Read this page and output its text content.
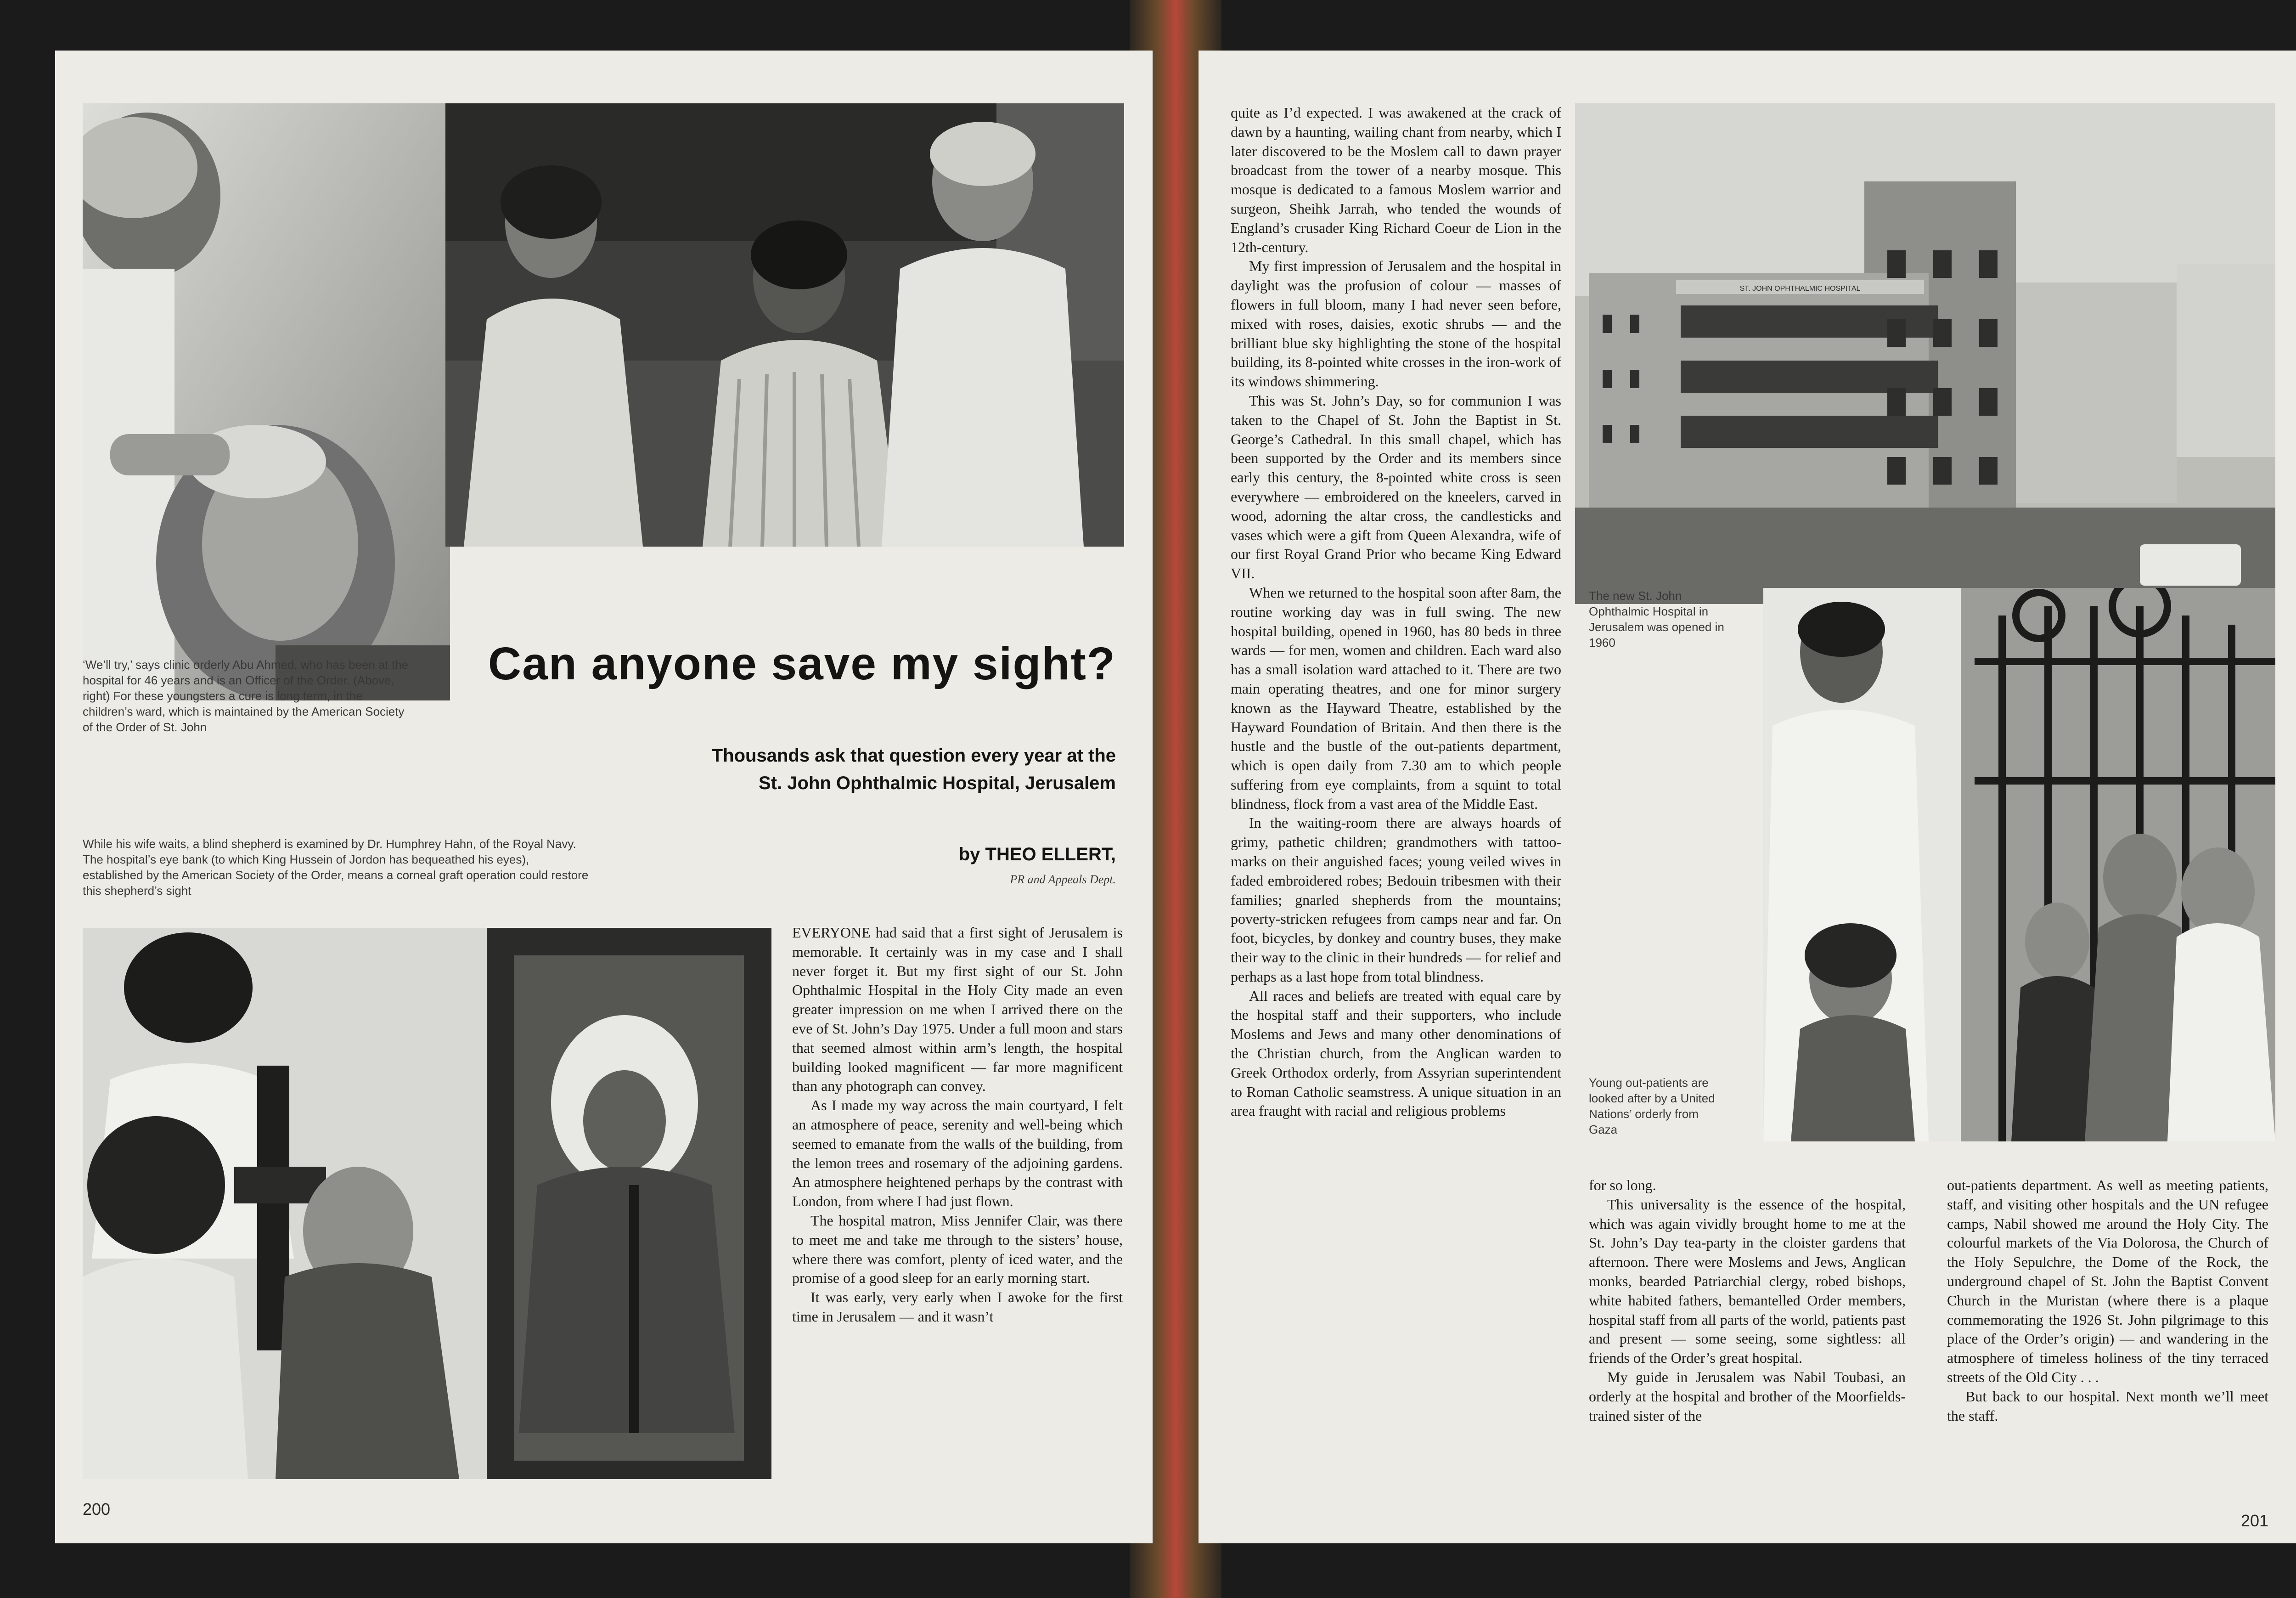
‘We’ll try,’ says clinic orderly Abu Ahmed, who has been at the hospital for 46 years and is an Officer of the Order. (Above, right) For these youngsters a cure is long term, in the children’s ward, which is maintained by the American Society of the Order of St. John

Can anyone save my sight?
Thousands ask that question every year at the
St. John Ophthalmic Hospital, Jerusalem

While his wife waits, a blind shepherd is examined by Dr. Humphrey Hahn, of the Royal Navy. The hospital’s eye bank (to which King Hussein of Jordon has bequeathed his eyes), established by the American Society of the Order, means a corneal graft operation could restore this shepherd’s sight

by THEO ELLERT,
PR and Appeals Dept.

EVERYONE had said that a first sight of Jerusalem is memorable. It certainly was in my case and I shall never forget it. But my first sight of our St. John Ophthalmic Hospital in the Holy City made an even greater impression on me when I arrived there on the eve of St. John’s Day 1975. Under a full moon and stars that seemed almost within arm’s length, the hospital building looked magnificent — far more magnificent than any photograph can convey.

As I made my way across the main courtyard, I felt an atmosphere of peace, serenity and well-being which seemed to emanate from the walls of the building, from the lemon trees and rosemary of the adjoining gardens. An atmosphere heightened perhaps by the contrast with London, from where I had just flown.

The hospital matron, Miss Jennifer Clair, was there to meet me and take me through to the sisters’ house, where there was comfort, plenty of iced water, and the promise of a good sleep for an early morning start.

It was early, very early when I awoke for the first time in Jerusalem — and it wasn’t

200

quite as I’d expected. I was awakened at the crack of dawn by a haunting, wailing chant from nearby, which I later discovered to be the Moslem call to dawn prayer broadcast from the tower of a nearby mosque. This mosque is dedicated to a famous Moslem warrior and surgeon, Sheihk Jarrah, who tended the wounds of England’s crusader King Richard Coeur de Lion in the 12th-century.

My first impression of Jerusalem and the hospital in daylight was the profusion of colour — masses of flowers in full bloom, many I had never seen before, mixed with roses, daisies, exotic shrubs — and the brilliant blue sky highlighting the stone of the hospital building, its 8-pointed white crosses in the iron-work of its windows shimmering.

This was St. John’s Day, so for communion I was taken to the Chapel of St. John the Baptist in St. George’s Cathedral. In this small chapel, which has been supported by the Order and its members since early this century, the 8-pointed white cross is seen everywhere — embroidered on the kneelers, carved in wood, adorning the altar cross, the candlesticks and vases which were a gift from Queen Alexandra, wife of our first Royal Grand Prior who became King Edward VII.

When we returned to the hospital soon after 8am, the routine working day was in full swing. The new hospital building, opened in 1960, has 80 beds in three wards — for men, women and children. Each ward also has a small isolation ward attached to it. There are two main operating theatres, and one for minor surgery known as the Hayward Theatre, established by the Hayward Foundation of Britain. And then there is the hustle and the bustle of the out-patients department, which is open daily from 7.30 am to which people suffering from eye complaints, from a squint to total blindness, flock from a vast area of the Middle East.

In the waiting-room there are always hoards of grimy, pathetic children; grandmothers with tattoo-marks on their anguished faces; young veiled wives in faded embroidered robes; Bedouin tribesmen with their families; gnarled shepherds from the mountains; poverty-stricken refugees from camps near and far. On foot, bicycles, by donkey and country buses, they make their way to the clinic in their hundreds — for relief and perhaps as a last hope from total blindness.

All races and beliefs are treated with equal care by the hospital staff and their supporters, who include Moslems and Jews and many other denominations of the Christian church, from the Anglican warden to Greek Orthodox orderly, from Assyrian superintendent to Roman Catholic seamstress. A unique situation in an area fraught with racial and religious problems

ST. JOHN OPHTHALMIC HOSPITAL

The new St. John Ophthalmic Hospital in Jerusalem was opened in 1960

Young out-patients are looked after by a United Nations’ orderly from Gaza

for so long.

This universality is the essence of the hospital, which was again vividly brought home to me at the St. John’s Day tea-party in the cloister gardens that afternoon. There were Moslems and Jews, Anglican monks, bearded Patriarchial clergy, robed bishops, white habited fathers, bemantelled Order members, hospital staff from all parts of the world, patients past and present — some seeing, some sightless: all friends of the Order’s great hospital.

My guide in Jerusalem was Nabil Toubasi, an orderly at the hospital and brother of the Moorfields-trained sister of the

out-patients department. As well as meeting patients, staff, and visiting other hospitals and the UN refugee camps, Nabil showed me around the Holy City. The colourful markets of the Via Dolorosa, the Church of the Holy Sepulchre, the Dome of the Rock, the underground chapel of St. John the Baptist Convent Church in the Muristan (where there is a plaque commemorating the 1926 St. John pilgrimage to this place of the Order’s origin) — and wandering in the atmosphere of timeless holiness of the tiny terraced streets of the Old City . . .

But back to our hospital. Next month we’ll meet the staff.

201
